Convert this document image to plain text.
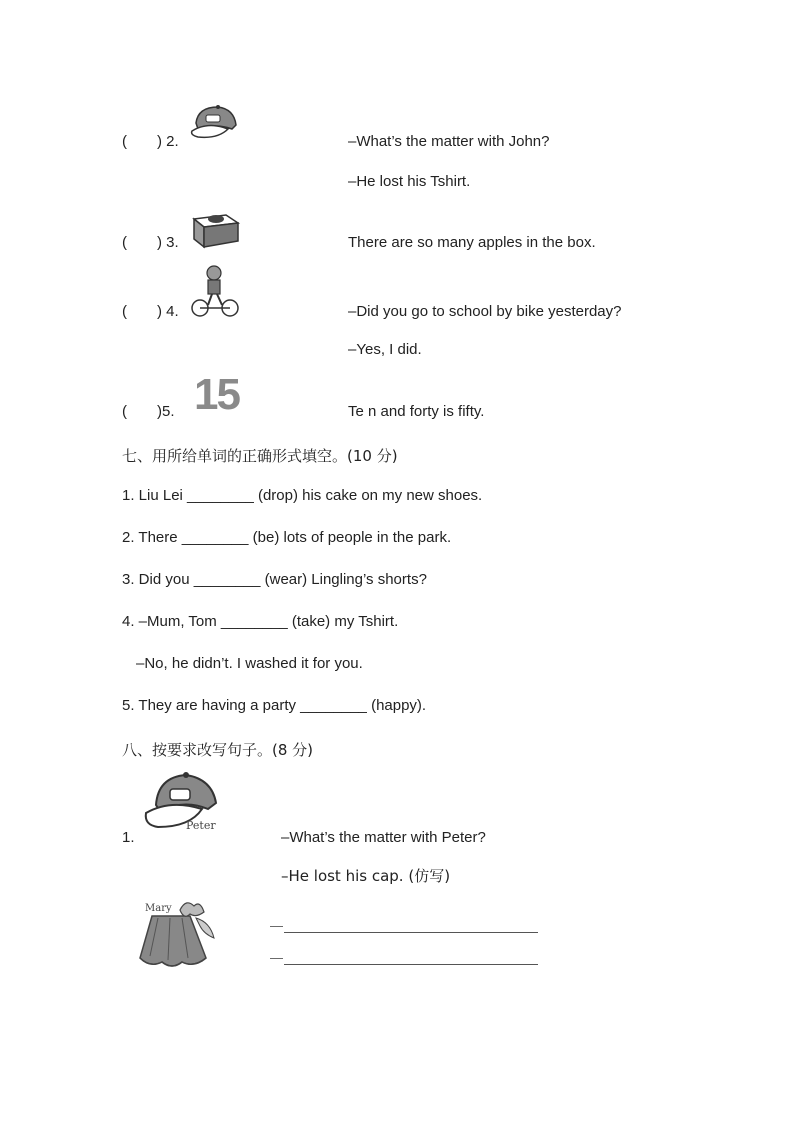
( ) 2.	–What’s the matter with John?
–He lost his Tshirt.
( ) 3.	There are so many apples in the box.
( ) 4.	–Did you go to school by bike yesterday?
–Yes, I did.
( )5. 15	Te n and forty is fifty.
七、用所给单词的正确形式填空。(10 分)
1. Liu Lei ________ (drop) his cake on my new shoes.
2. There ________ (be) lots of people in the park.
3. Did you ________ (wear) Lingling’s shorts?
4. –Mum, Tom ________ (take) my Tshirt.
–No, he didn’t. I washed it for you.
5. They are having a party ________ (happy).
八、按要求改写句子。(8 分)
Peter
1.	–What’s the matter with Peter?
–He lost his cap. (仿写)
Mary
—
—
